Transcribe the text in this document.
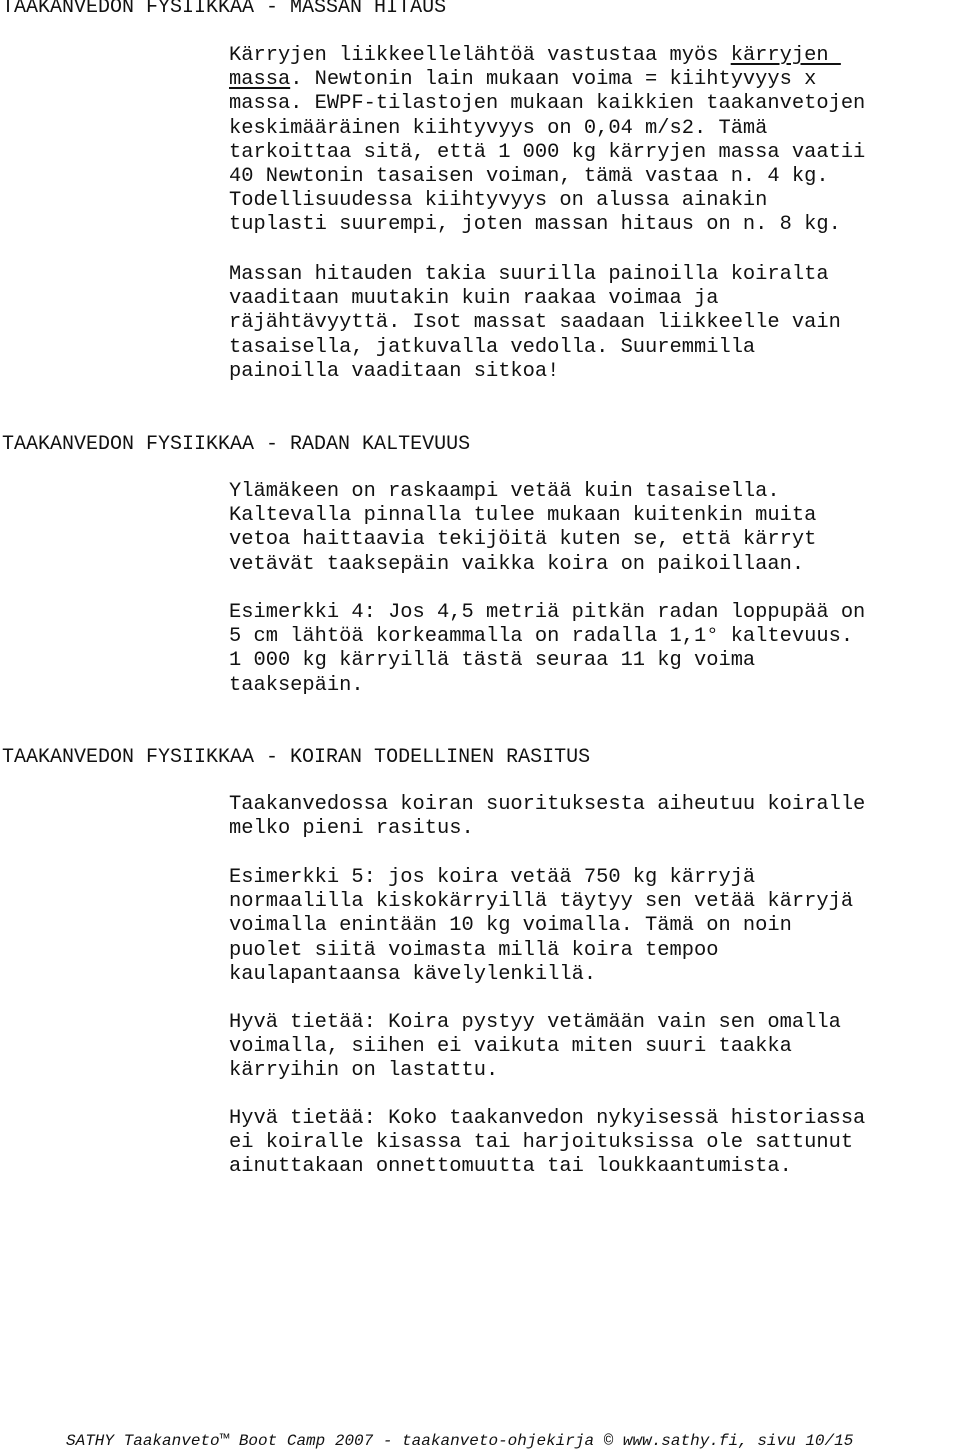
TAAKANVEDON FYSIIKKAA - MASSAN HITAUS

Kärryjen liikkeellelähtöä vastustaa myös kärryjen
massa. Newtonin lain mukaan voima = kiihtyvyys x
massa. EWPF-tilastojen mukaan kaikkien taakanvetojen
keskimääräinen kiihtyvyys on 0,04 m/s2. Tämä
tarkoittaa sitä, että 1 000 kg kärryjen massa vaatii
40 Newtonin tasaisen voiman, tämä vastaa n. 4 kg.
Todellisuudessa kiihtyvyys on alussa ainakin
tuplasti suurempi, joten massan hitaus on n. 8 kg.

Massan hitauden takia suurilla painoilla koiralta
vaaditaan muutakin kuin raakaa voimaa ja
räjähtävyyttä. Isot massat saadaan liikkeelle vain
tasaisella, jatkuvalla vedolla. Suuremmilla
painoilla vaaditaan sitkoa!

TAAKANVEDON FYSIIKKAA - RADAN KALTEVUUS

Ylämäkeen on raskaampi vetää kuin tasaisella.
Kaltevalla pinnalla tulee mukaan kuitenkin muita
vetoa haittaavia tekijöitä kuten se, että kärryt
vetävät taaksepäin vaikka koira on paikoillaan.

Esimerkki 4: Jos 4,5 metriä pitkän radan loppupää on
5 cm lähtöä korkeammalla on radalla 1,1° kaltevuus.
1 000 kg kärryillä tästä seuraa 11 kg voima
taaksepäin.

TAAKANVEDON FYSIIKKAA - KOIRAN TODELLINEN RASITUS

Taakanvedossa koiran suorituksesta aiheutuu koiralle
melko pieni rasitus.

Esimerkki 5: jos koira vetää 750 kg kärryjä
normaalilla kiskokärryillä täytyy sen vetää kärryjä
voimalla enintään 10 kg voimalla. Tämä on noin
puolet siitä voimasta millä koira tempoo
kaulapantaansa kävelylenkillä.

Hyvä tietää: Koira pystyy vetämään vain sen omalla
voimalla, siihen ei vaikuta miten suuri taakka
kärryihin on lastattu.

Hyvä tietää: Koko taakanvedon nykyisessä historiassa
ei koiralle kisassa tai harjoituksissa ole sattunut
ainuttakaan onnettomuutta tai loukkaantumista.

SATHY Taakanveto™ Boot Camp 2007 - taakanveto-ohjekirja © www.sathy.fi, sivu 10/15
